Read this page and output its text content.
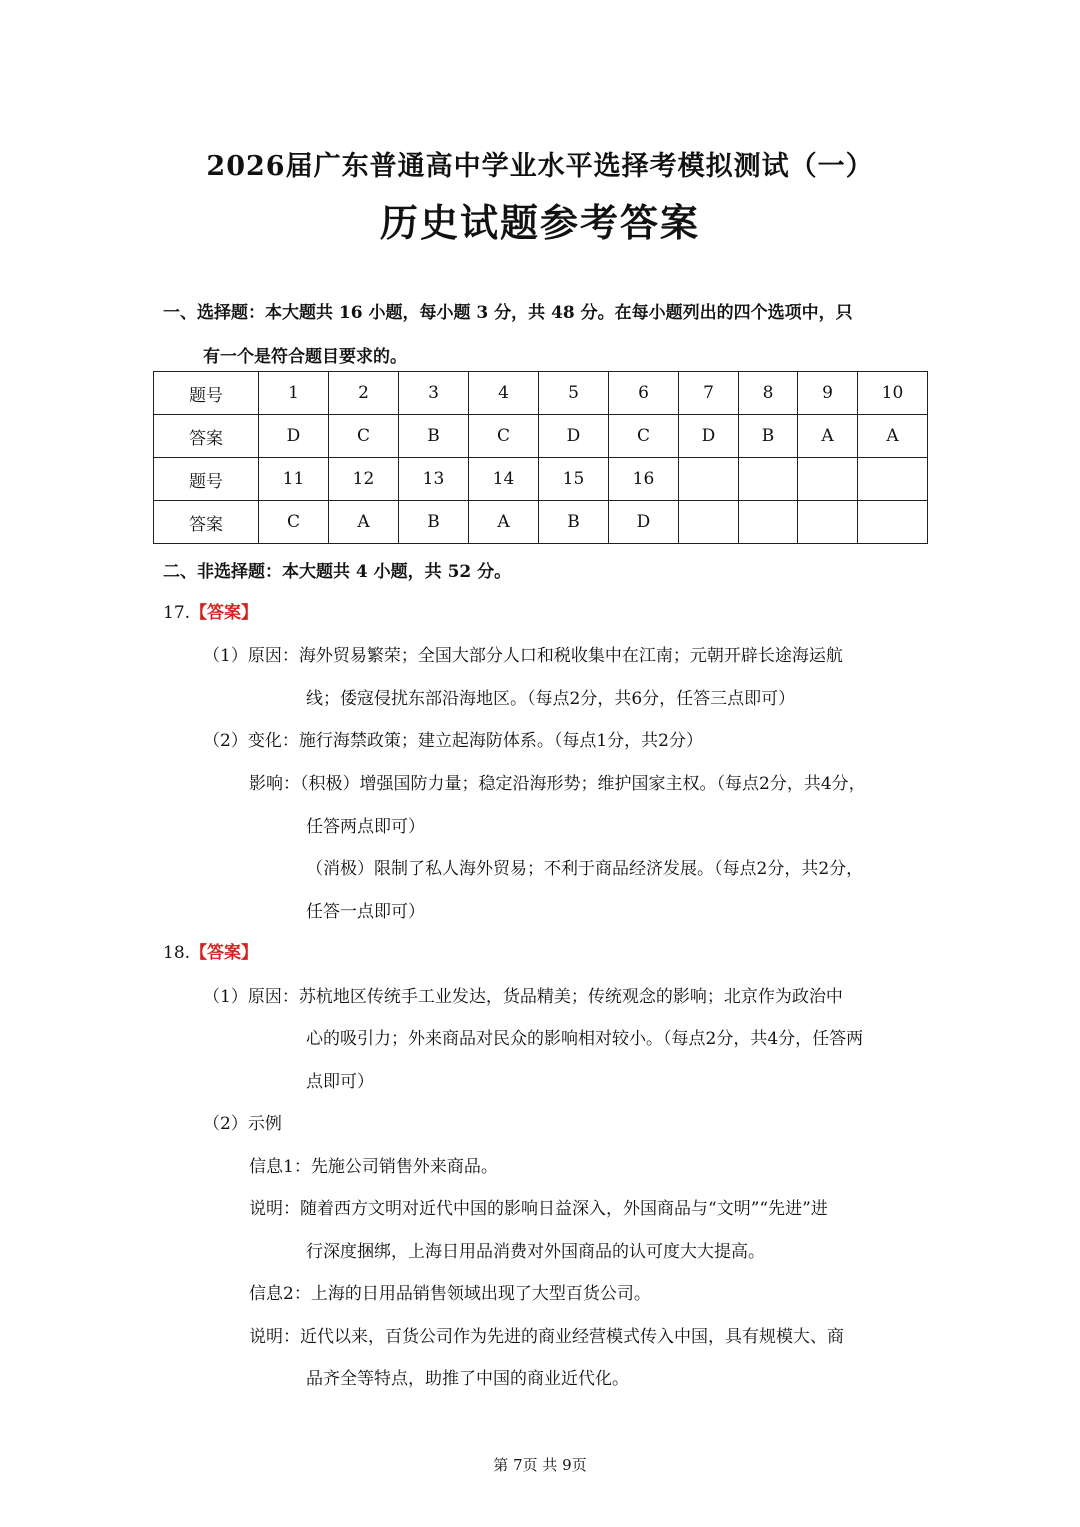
2026届广东普通高中学业水平选择考模拟测试（一）
历史试题参考答案
一、选择题：本大题共 16 小题，每小题 3 分，共 48 分。在每小题列出的四个选项中，只
有一个是符合题目要求的。
题号	1	2	3	4	5	6	7	8	9	10
答案	D	C	B	C	D	C	D	B	A	A
题号	11	12	13	14	15	16				
答案	C	A	B	A	B	D				
二、非选择题：本大题共 4 小题，共 52 分。
17.【答案】
（1）原因：海外贸易繁荣；全国大部分人口和税收集中在江南；元朝开辟长途海运航
线；倭寇侵扰东部沿海地区。（每点2分，共6分，任答三点即可）
（2）变化：施行海禁政策；建立起海防体系。（每点1分，共2分）
影响：（积极）增强国防力量；稳定沿海形势；维护国家主权。（每点2分，共4分，
任答两点即可）
（消极）限制了私人海外贸易；不利于商品经济发展。（每点2分，共2分，
任答一点即可）
18.【答案】
（1）原因：苏杭地区传统手工业发达，货品精美；传统观念的影响；北京作为政治中
心的吸引力；外来商品对民众的影响相对较小。（每点2分，共4分，任答两
点即可）
（2）示例
信息1：先施公司销售外来商品。
说明：随着西方文明对近代中国的影响日益深入，外国商品与“文明”“先进”进
行深度捆绑，上海日用品消费对外国商品的认可度大大提高。
信息2：上海的日用品销售领域出现了大型百货公司。
说明：近代以来，百货公司作为先进的商业经营模式传入中国，具有规模大、商
品齐全等特点，助推了中国的商业近代化。
第 7页 共 9页
